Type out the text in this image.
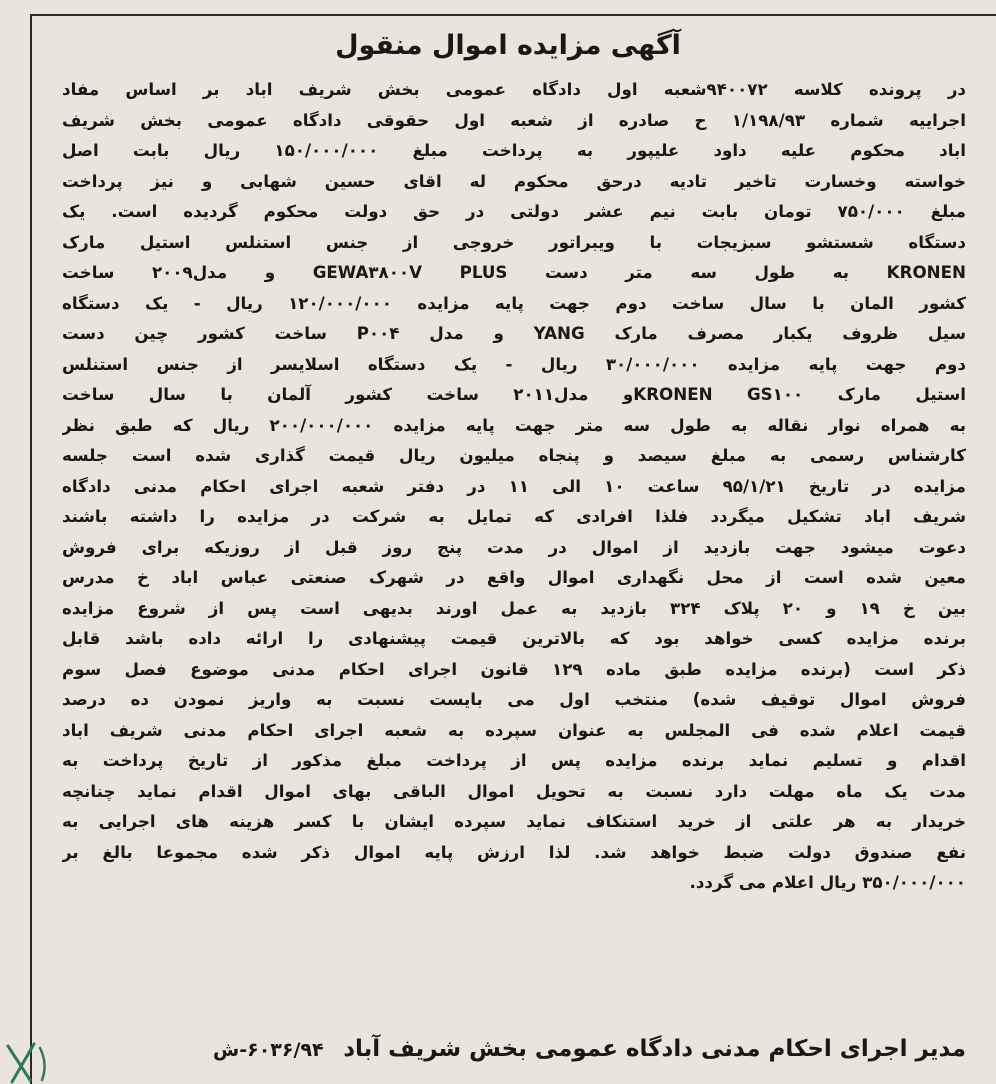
آگهی مزایده اموال منقول
در پرونده کلاسه ۹۴۰۰۷۲شعبه اول دادگاه عمومی بخش شریف اباد بر اساس مفاد
اجراییه شماره ۱/۱۹۸/۹۳ ح صادره از شعبه اول حقوقی دادگاه عمومی بخش شریف
اباد محکوم علیه داود علیپور به پرداخت مبلغ ۱۵۰/۰۰۰/۰۰۰ ریال بابت اصل
خواسته وخسارت تاخیر تادیه درحق محکوم له اقای حسین شهابی و نیز پرداخت
مبلغ ۷۵۰/۰۰۰ تومان بابت نیم عشر دولتی در حق دولت محکوم گردیده است. یک
دستگاه شستشو سبزیجات با ویبراتور خروجی از جنس استنلس استیل مارک
KRONEN به طول سه متر دست GEWA۳۸۰۰V PLUS و مدل۲۰۰۹ ساخت
کشور المان با سال ساخت دوم جهت پایه مزایده ۱۲۰/۰۰۰/۰۰۰ ریال - یک دستگاه
سیل ظروف یکبار مصرف مارک YANG و مدل P۰۰۴ ساخت کشور چین دست
دوم جهت پایه مزایده ۳۰/۰۰۰/۰۰۰ ریال - یک دستگاه اسلایسر از جنس استنلس
استیل مارک KRONEN GS۱۰۰و مدل۲۰۱۱ ساخت کشور آلمان با سال ساخت
به همراه نوار نقاله به طول سه متر جهت پایه مزایده ۲۰۰/۰۰۰/۰۰۰ ریال که طبق نظر
کارشناس رسمی به مبلغ سیصد و پنجاه میلیون ریال قیمت گذاری شده است جلسه
مزایده در تاریخ ۹۵/۱/۲۱ ساعت ۱۰ الی ۱۱ در دفتر شعبه اجرای احکام مدنی دادگاه
شریف اباد تشکیل میگردد فلذا افرادی که تمایل به شرکت در مزایده را داشته باشند
دعوت میشود جهت بازدید از اموال در مدت پنج روز قبل از روزیکه برای فروش
معین شده است از محل نگهداری اموال واقع در شهرک صنعتی عباس اباد خ مدرس
بین خ ۱۹ و ۲۰ پلاک ۳۲۴ بازدید به عمل اورند بدیهی است پس از شروع مزایده
برنده مزایده کسی خواهد بود که بالاترین قیمت پیشنهادی را ارائه داده باشد قابل
ذکر است (برنده مزایده طبق ماده ۱۲۹ قانون اجرای احکام مدنی موضوع فصل سوم
فروش اموال توقیف شده) منتخب اول می بایست نسبت به واریز نمودن ده درصد
قیمت اعلام شده فی المجلس به عنوان سپرده به شعبه اجرای احکام مدنی شریف اباد
اقدام و تسلیم نماید برنده مزایده پس از پرداخت مبلغ مذکور از تاریخ پرداخت به
مدت یک ماه مهلت دارد نسبت به تحویل اموال الباقی بهای اموال اقدام نماید چنانچه
خریدار به هر علتی از خرید استنکاف نماید سپرده ایشان با کسر هزینه های اجرایی به
نفع صندوق دولت ضبط خواهد شد. لذا ارزش پایه اموال ذکر شده مجموعا بالغ بر
۳۵۰/۰۰۰/۰۰۰ ریال اعلام می گردد.
مدیر اجرای احکام مدنی دادگاه عمومی بخش شریف آباد ۶۰۳۶/۹۴-ش
